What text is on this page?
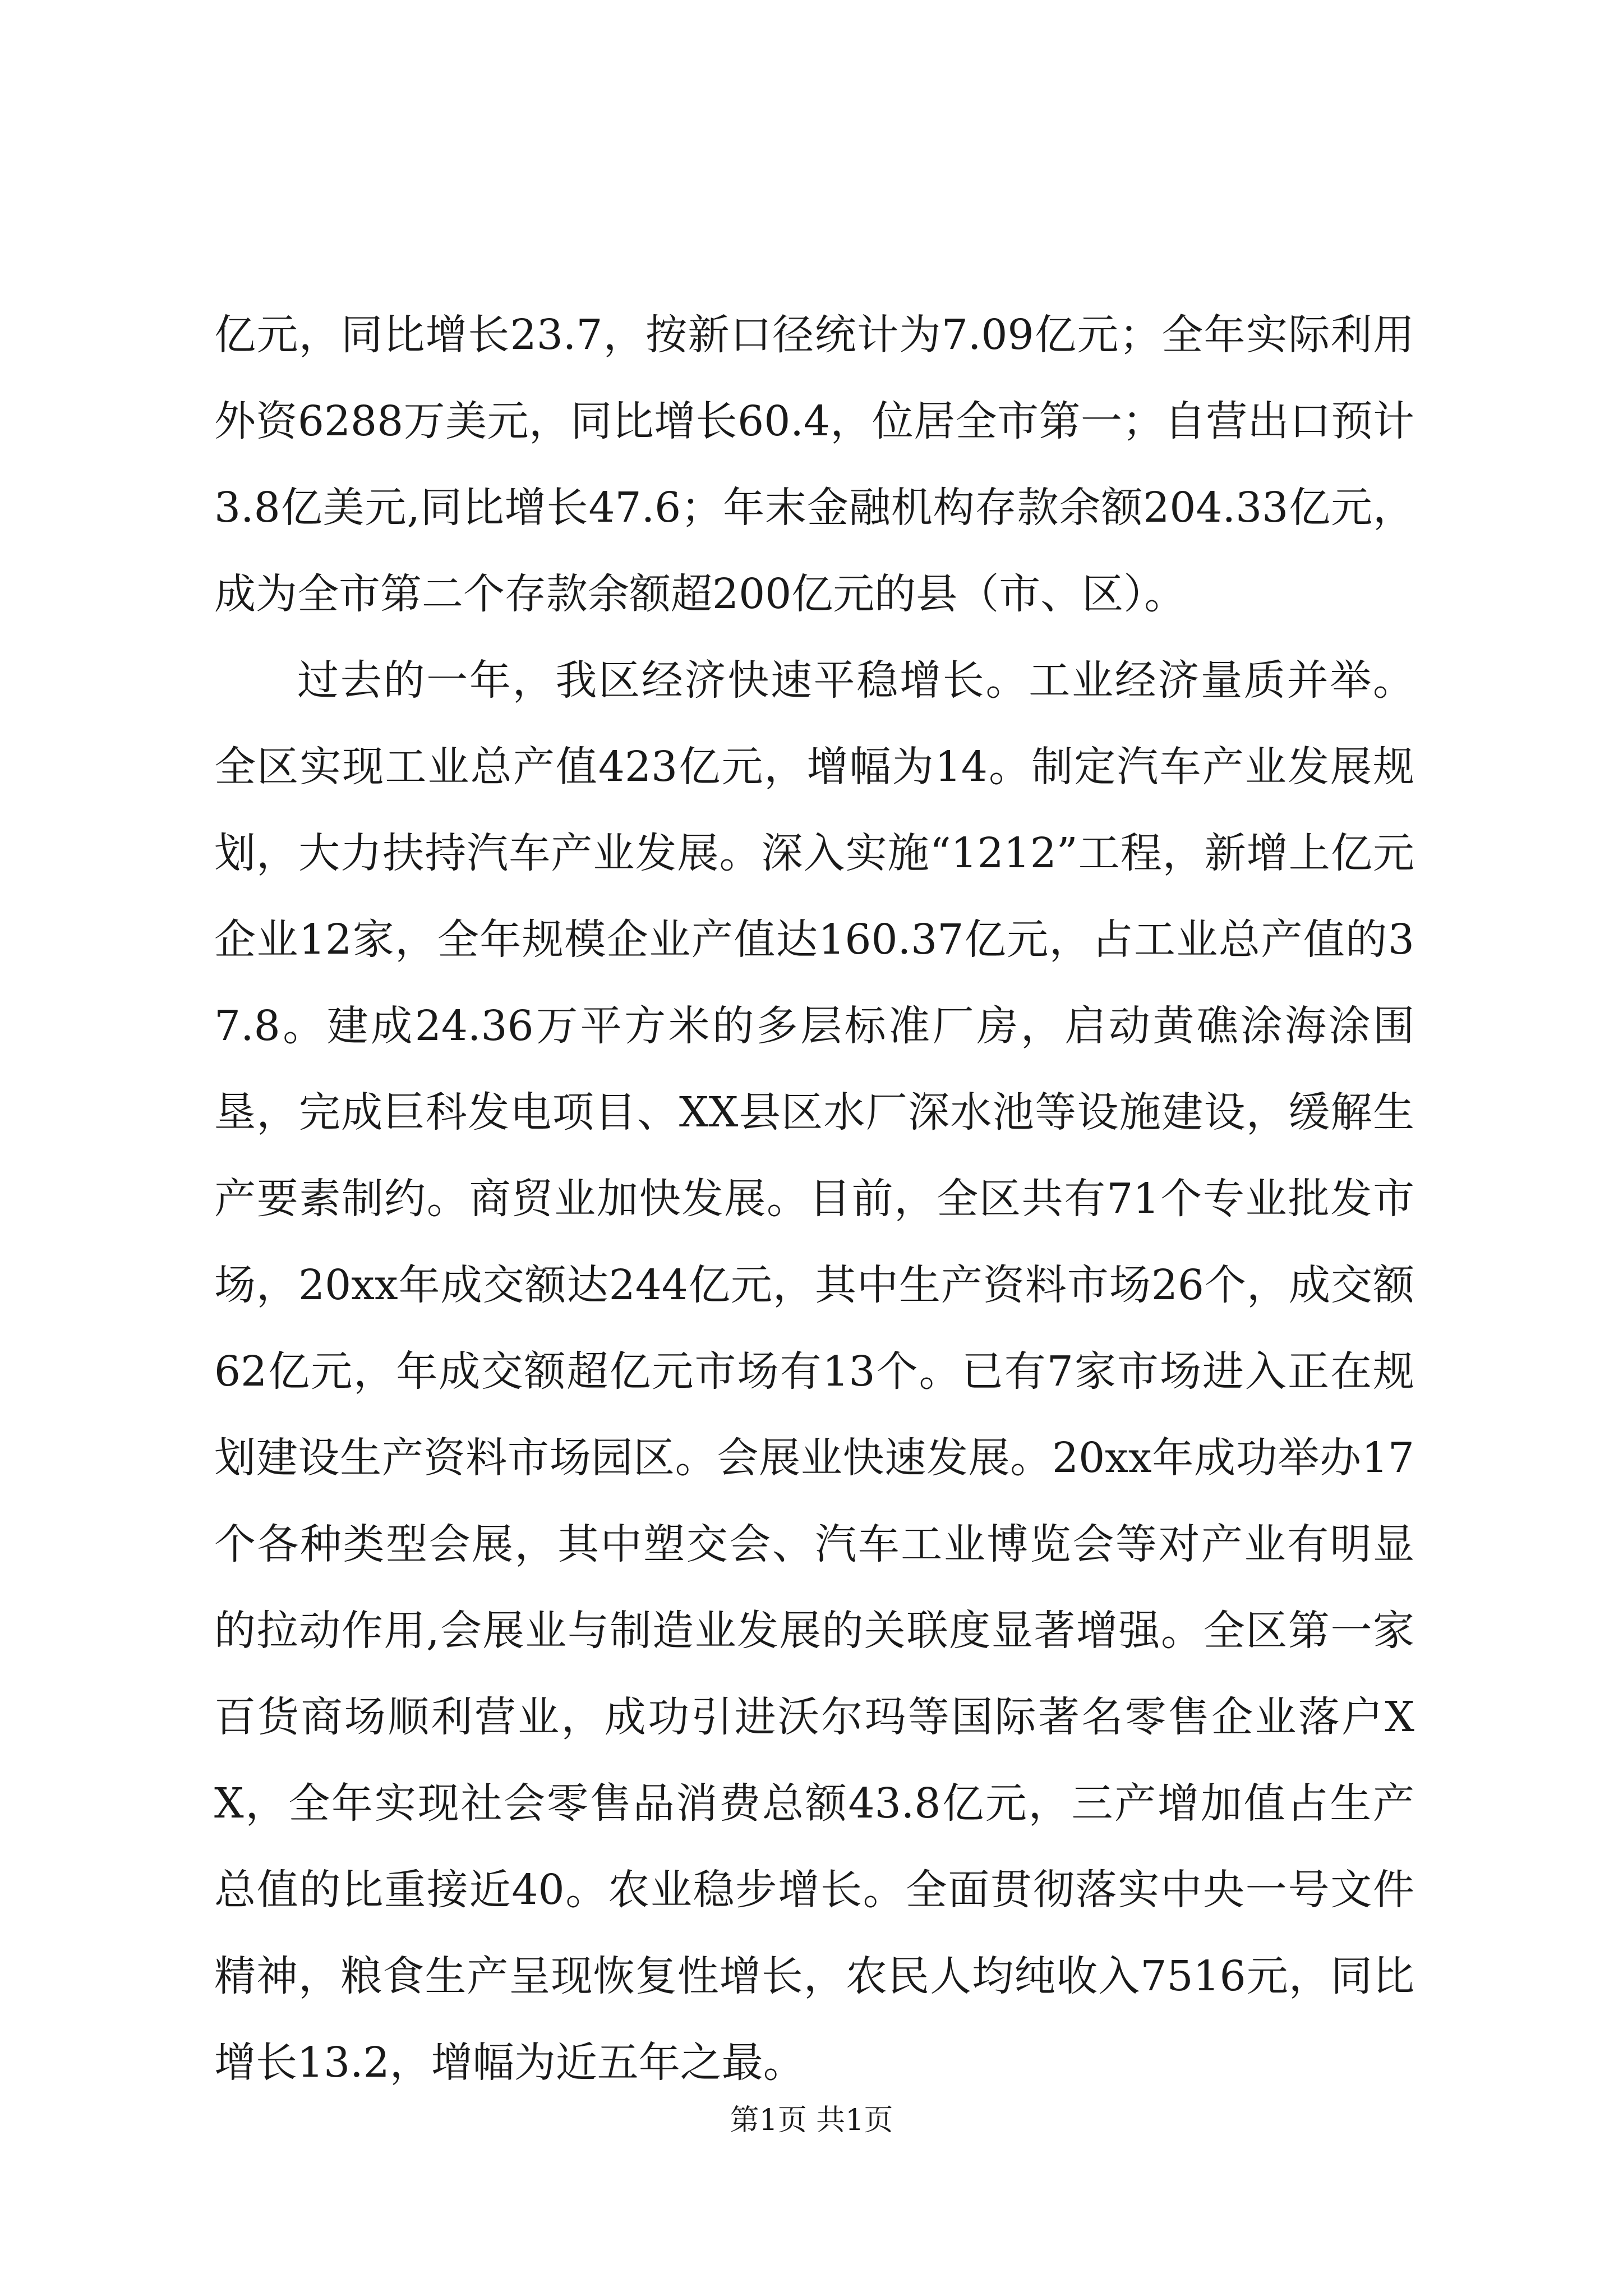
亿元，同比增长23.7，按新口径统计为7.09亿元；全年实际利用外资6288万美元，同比增长60.4，位居全市第一；自营出口预计3.8亿美元,同比增长47.6；年末金融机构存款余额204.33亿元，成为全市第二个存款余额超200亿元的县（市、区）。

过去的一年，我区经济快速平稳增长。工业经济量质并举。全区实现工业总产值423亿元，增幅为14。制定汽车产业发展规划，大力扶持汽车产业发展。深入实施“1212”工程，新增上亿元企业12家，全年规模企业产值达160.37亿元，占工业总产值的37.8。建成24.36万平方米的多层标准厂房，启动黄礁涂海涂围垦，完成巨科发电项目、XX县区水厂深水池等设施建设，缓解生产要素制约。商贸业加快发展。目前，全区共有71个专业批发市场，20xx年成交额达244亿元，其中生产资料市场26个，成交额62亿元，年成交额超亿元市场有13个。已有7家市场进入正在规划建设生产资料市场园区。会展业快速发展。20xx年成功举办17个各种类型会展，其中塑交会、汽车工业博览会等对产业有明显的拉动作用,会展业与制造业发展的关联度显著增强。全区第一家百货商场顺利营业，成功引进沃尔玛等国际著名零售企业落户XX，全年实现社会零售品消费总额43.8亿元，三产增加值占生产总值的比重接近40。农业稳步增长。全面贯彻落实中央一号文件精神，粮食生产呈现恢复性增长，农民人均纯收入7516元，同比增长13.2，增幅为近五年之最。

第1页 共1页
